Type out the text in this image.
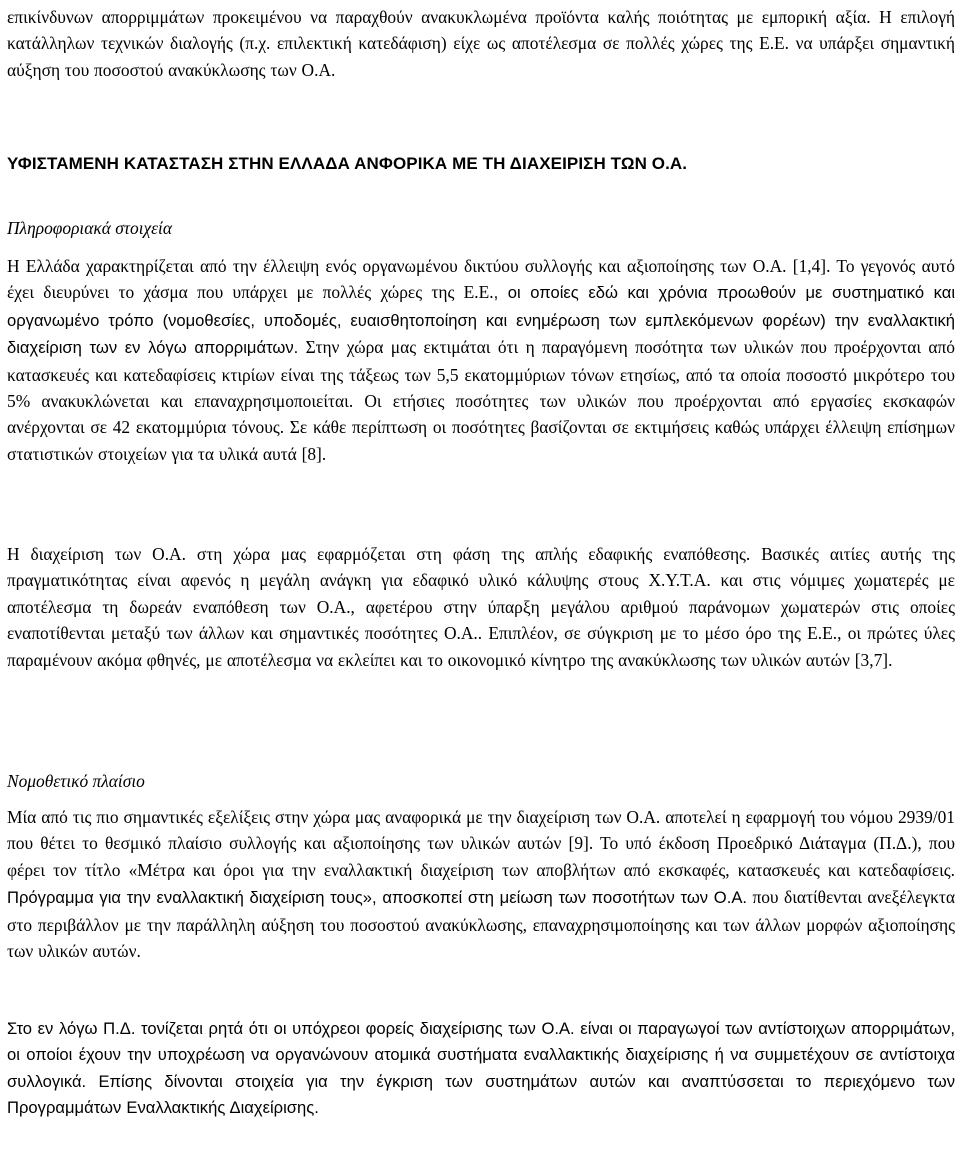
επικίνδυνων απορριμμάτων προκειμένου να παραχθούν ανακυκλωμένα προϊόντα καλής ποιότητας με εμπορική αξία. Η επιλογή κατάλληλων τεχνικών διαλογής (π.χ. επιλεκτική κατεδάφιση) είχε ως αποτέλεσμα σε πολλές χώρες της Ε.Ε. να υπάρξει σημαντική αύξηση του ποσοστού ανακύκλωσης των Ο.Α.

ΥΦΙΣΤΑΜΕΝΗ ΚΑΤΑΣΤΑΣΗ ΣΤΗΝ ΕΛΛΑΔΑ ΑΝΦΟΡΙΚΑ ΜΕ ΤΗ ΔΙΑΧΕΙΡΙΣΗ ΤΩΝ Ο.Α.

Πληροφοριακά στοιχεία

Η Ελλάδα χαρακτηρίζεται από την έλλειψη ενός οργανωμένου δικτύου συλλογής και αξιοποίησης των Ο.Α. [1,4]. Το γεγονός αυτό έχει διευρύνει το χάσμα που υπάρχει με πολλές χώρες της Ε.Ε., οι οποίες εδώ και χρόνια προωθούν με συστηματικό και οργανωμένο τρόπο (νομοθεσίες, υποδομές, ευαισθητοποίηση και ενημέρωση των εμπλεκόμενων φορέων) την εναλλακτική διαχείριση των εν λόγω απορριμάτων. Στην χώρα μας εκτιμάται ότι η παραγόμενη ποσότητα των υλικών που προέρχονται από κατασκευές και κατεδαφίσεις κτιρίων είναι της τάξεως των 5,5 εκατομμύριων τόνων ετησίως, από τα οποία ποσοστό μικρότερο του 5% ανακυκλώνεται και επαναχρησιμοποιείται. Οι ετήσιες ποσότητες των υλικών που προέρχονται από εργασίες εκσκαφών ανέρχονται σε 42 εκατομμύρια τόνους. Σε κάθε περίπτωση οι ποσότητες βασίζονται σε εκτιμήσεις καθώς υπάρχει έλλειψη επίσημων στατιστικών στοιχείων για τα υλικά αυτά [8].

Η διαχείριση των Ο.Α. στη χώρα μας εφαρμόζεται στη φάση της απλής εδαφικής εναπόθεσης. Βασικές αιτίες αυτής της πραγματικότητας είναι αφενός η μεγάλη ανάγκη για εδαφικό υλικό κάλυψης στους Χ.Υ.Τ.Α. και στις νόμιμες χωματερές με αποτέλεσμα τη δωρεάν εναπόθεση των Ο.Α., αφετέρου στην ύπαρξη μεγάλου αριθμού παράνομων χωματερών στις οποίες εναποτίθενται μεταξύ των άλλων και σημαντικές ποσότητες Ο.Α.. Επιπλέον, σε σύγκριση με το μέσο όρο της Ε.Ε., οι πρώτες ύλες παραμένουν ακόμα φθηνές, με αποτέλεσμα να εκλείπει και το οικονομικό κίνητρο της ανακύκλωσης των υλικών αυτών [3,7].

Νομοθετικό πλαίσιο

Μία από τις πιο σημαντικές εξελίξεις στην χώρα μας αναφορικά με την διαχείριση των Ο.Α. αποτελεί η εφαρμογή του νόμου 2939/01 που θέτει το θεσμικό πλαίσιο συλλογής και αξιοποίησης των υλικών αυτών [9]. Το υπό έκδοση Προεδρικό Διάταγμα (Π.Δ.), που φέρει τον τίτλο «Μέτρα και όροι για την εναλλακτική διαχείριση των αποβλήτων από εκσκαφές, κατασκευές και κατεδαφίσεις. Πρόγραμμα για την εναλλακτική διαχείριση τους», αποσκοπεί στη μείωση των ποσοτήτων των Ο.Α. που διατίθενται ανεξέλεγκτα στο περιβάλλον με την παράλληλη αύξηση του ποσοστού ανακύκλωσης, επαναχρησιμοποίησης και των άλλων μορφών αξιοποίησης των υλικών αυτών.

Στο εν λόγω Π.Δ. τονίζεται ρητά ότι οι υπόχρεοι φορείς διαχείρισης των Ο.Α. είναι οι παραγωγοί των αντίστοιχων απορριμάτων, οι οποίοι έχουν την υποχρέωση να οργανώνουν ατομικά συστήματα εναλλακτικής διαχείρισης ή να συμμετέχουν σε αντίστοιχα συλλογικά. Επίσης δίνονται στοιχεία για την έγκριση των συστημάτων αυτών και αναπτύσσεται το περιεχόμενο των Προγραμμάτων Εναλλακτικής Διαχείρισης.
